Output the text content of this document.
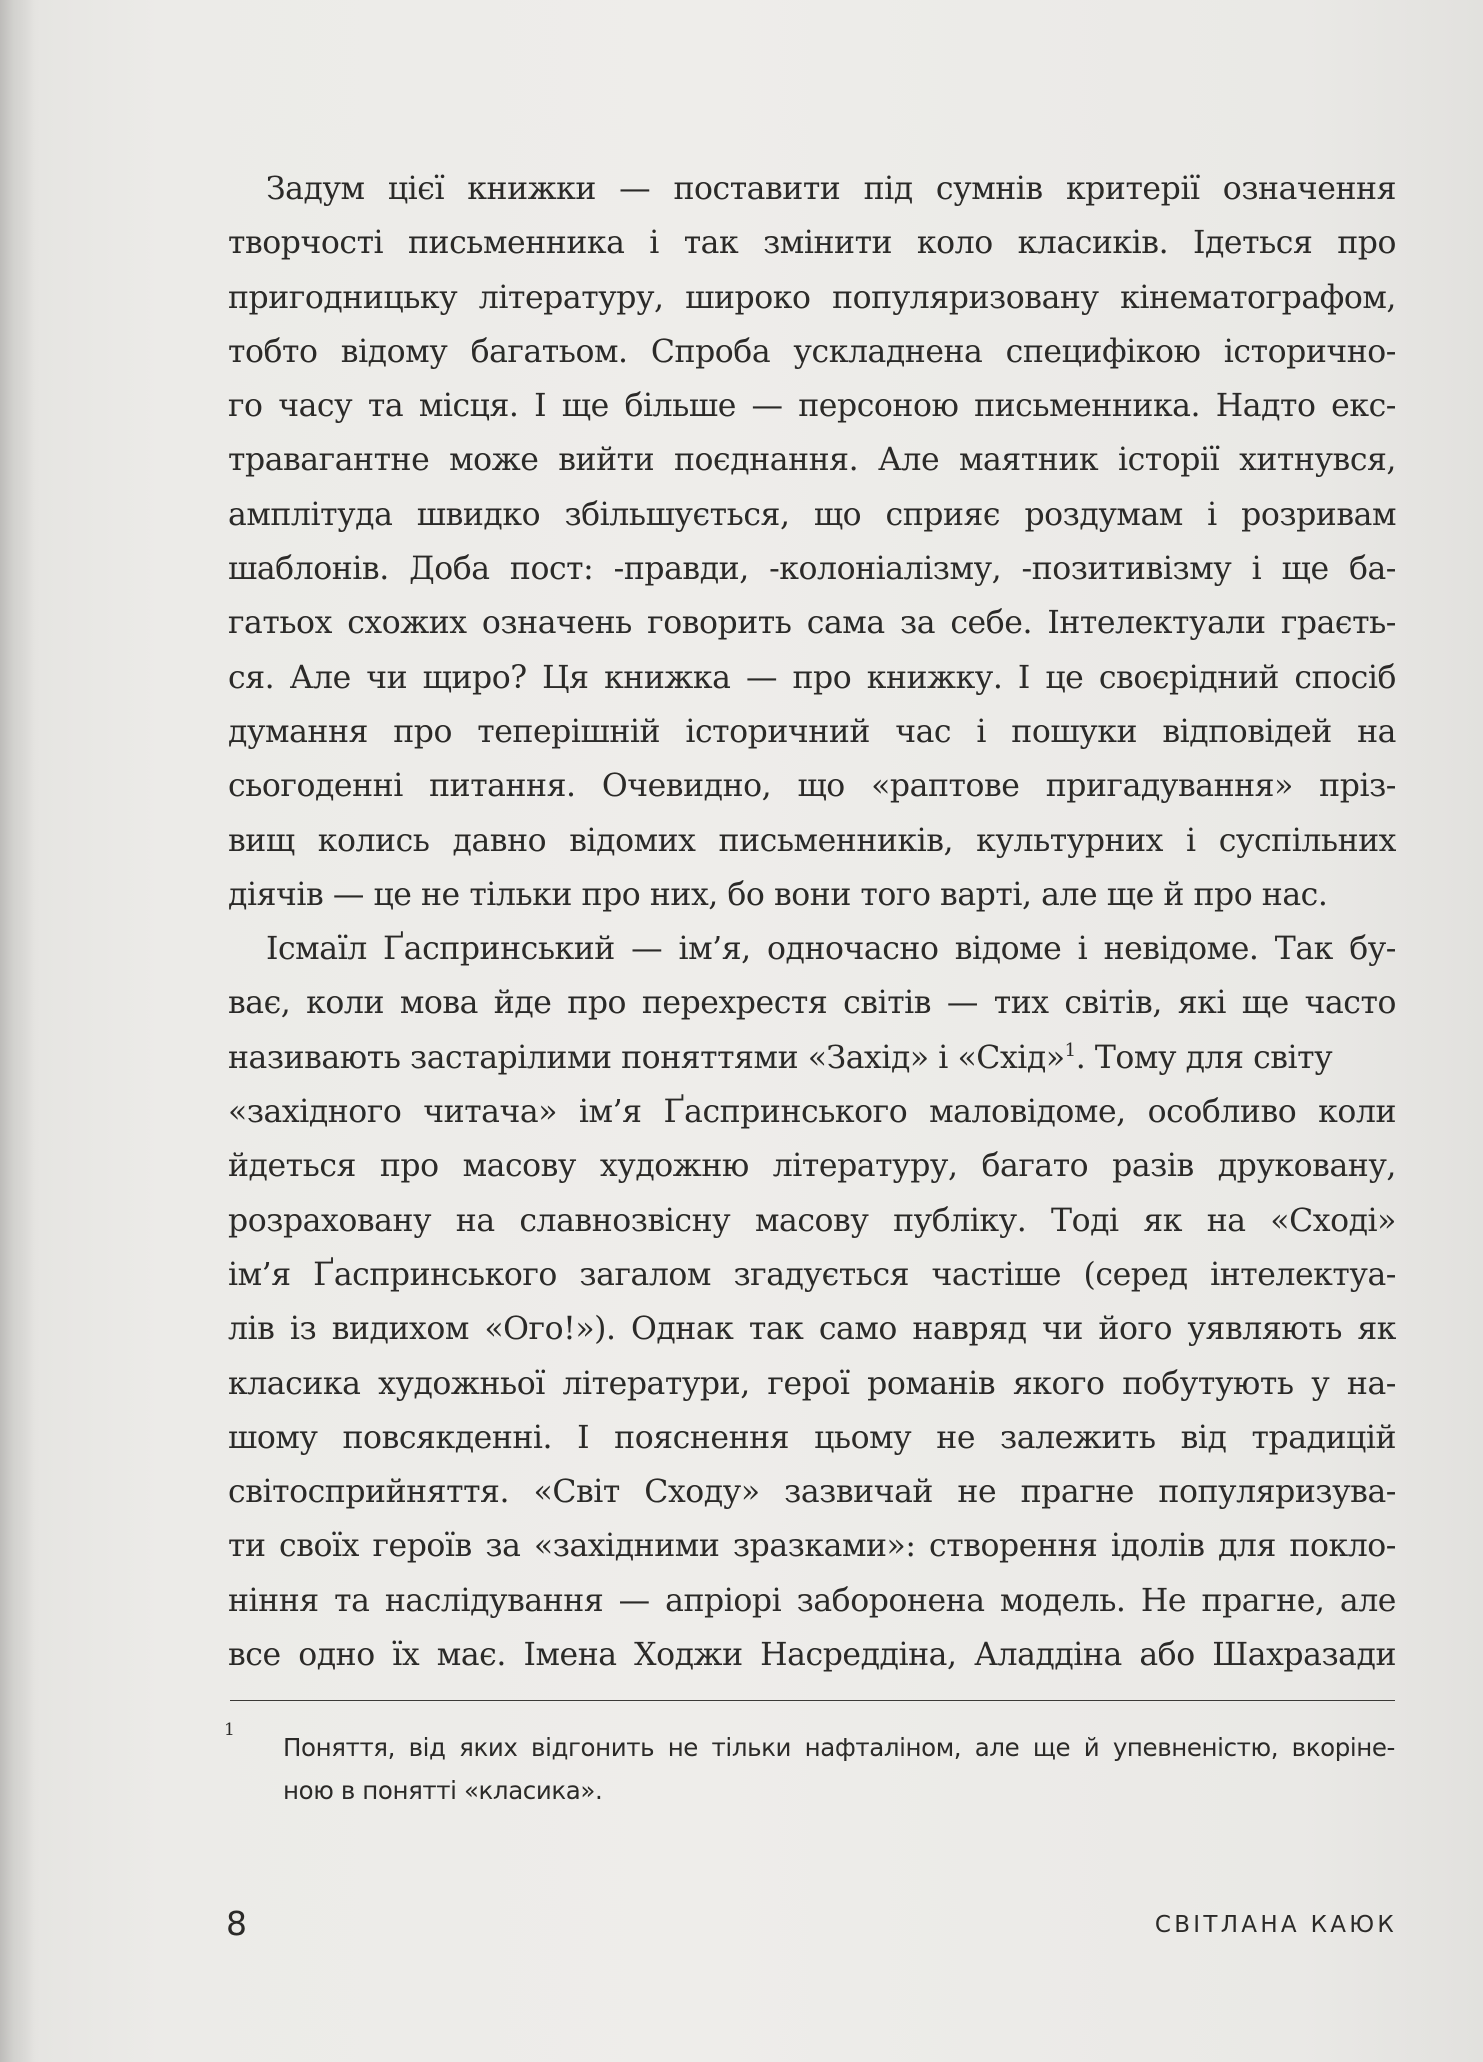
Задум цієї книжки — поставити під сумнів критерії означення
творчості письменника і так змінити коло класиків. Ідеться про
пригодницьку літературу, широко популяризовану кінематографом,
тобто відому багатьом. Спроба ускладнена специфікою історично-
го часу та місця. І ще більше — персоною письменника. Надто екс-
травагантне може вийти поєднання. Але маятник історії хитнувся,
амплітуда швидко збільшується, що сприяє роздумам і розривам
шаблонів. Доба пост: -правди, -колоніалізму, -позитивізму і ще ба-
гатьох схожих означень говорить сама за себе. Інтелектуали граєть-
ся. Але чи щиро? Ця книжка — про книжку. І це своєрідний спосіб
думання про теперішній історичний час і пошуки відповідей на
сьогоденні питання. Очевидно, що «раптове пригадування» пріз-
вищ колись давно відомих письменників, культурних і суспільних
діячів — це не тільки про них, бо вони того варті, але ще й про нас.
Ісмаїл Ґаспринський — ім’я, одночасно відоме і невідоме. Так бу-
ває, коли мова йде про перехрестя світів — тих світів, які ще часто
називають застарілими поняттями «Захід» і «Схід»$^1$. Тому для світу
«західного читача» ім’я Ґаспринського маловідоме, особливо коли
йдеться про масову художню літературу, багато разів друковану,
розраховану на славнозвісну масову публіку. Тоді як на «Сході»
ім’я Ґаспринського загалом згадується частіше (серед інтелектуа-
лів із видихом «Ого!»). Однак так само навряд чи його уявляють як
класика художньої літератури, герої романів якого побутують у на-
шому повсякденні. І пояснення цьому не залежить від традицій
світосприйняття. «Світ Сходу» зазвичай не прагне популяризува-
ти своїх героїв за «західними зразками»: створення ідолів для покло-
ніння та наслідування — апріорі заборонена модель. Не прагне, але
все одно їх має. Імена Ходжи Насреддіна, Аладдіна або Шахразади
1
Поняття, від яких відгонить не тільки нафталіном, але ще й упевненістю, вкоріне-
ною в понятті «класика».
8	СВІТЛАНА КАЮК
